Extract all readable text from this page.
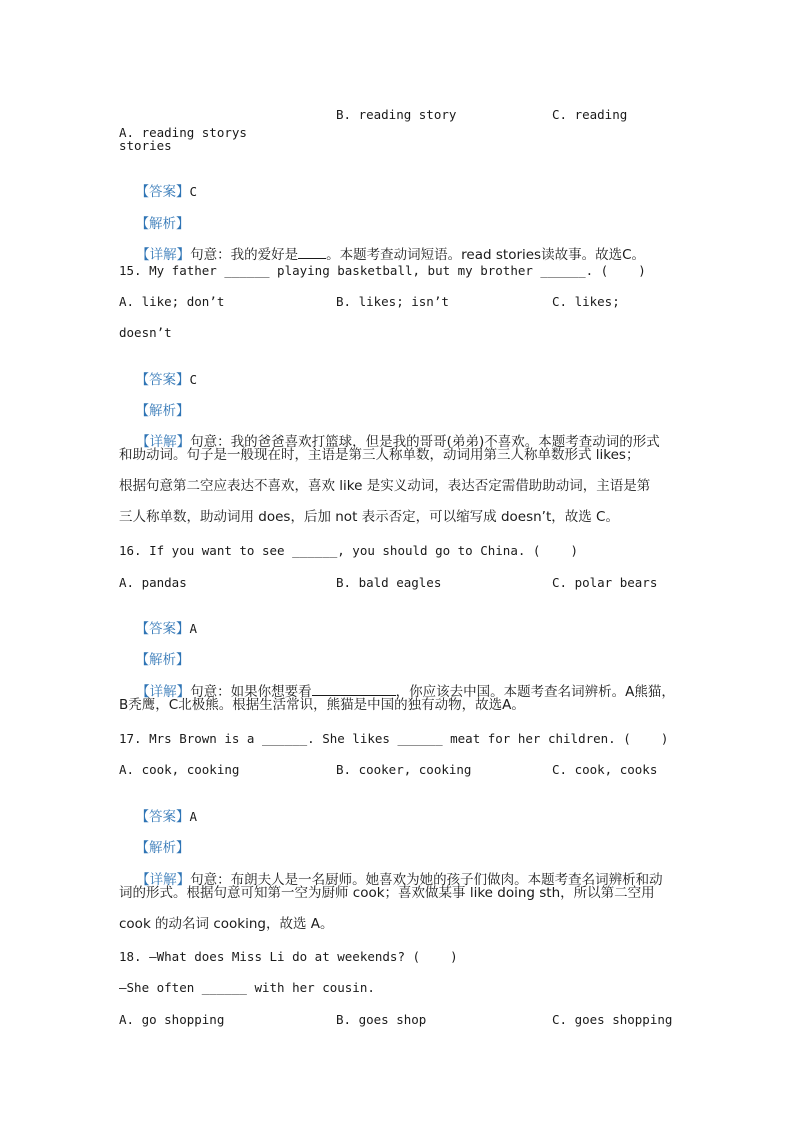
A. reading storys

B. reading story	C. reading
stories

【答案】C

【解析】

【详解】句意：我的爱好是 。本题考查动词短语。read stories读故事。故选C。

15. My father ______ playing basketball, but my brother ______. (    )
A. like; don’t	B. likes; isn’t	C. likes;
doesn’t

【答案】C

【解析】

【详解】句意：我的爸爸喜欢打篮球，但是我的哥哥(弟弟)不喜欢。本题考查动词的形式

和助动词。句子是一般现在时，主语是第三人称单数，动词用第三人称单数形式 likes；
根据句意第二空应表达不喜欢，喜欢 like 是实义动词，表达否定需借助助动词，主语是第
三人称单数，助动词用 does，后加 not 表示否定，可以缩写成 doesn’t，故选 C。
16. If you want to see ______, you should go to China. (    )
A. pandas	B. bald eagles	C. polar bears

【答案】A

【解析】

【详解】句意：如果你想要看	，你应该去中国。本题考查名词辨析。A熊猫，

B秃鹰，C北极熊。根据生活常识，熊猫是中国的独有动物，故选A。
17. Mrs Brown is a ______. She likes ______ meat for her children. (    )
A. cook, cooking	B. cooker, cooking	C. cook, cooks

【答案】A

【解析】

【详解】句意：布朗夫人是一名厨师。她喜欢为她的孩子们做肉。本题考查名词辨析和动

词的形式。根据句意可知第一空为厨师 cook；喜欢做某事 like doing sth，所以第二空用
cook 的动名词 cooking，故选 A。
18. —What does Miss Li do at weekends? (    )
—She often ______ with her cousin.
A. go shopping	B. goes shop	C. goes shopping
